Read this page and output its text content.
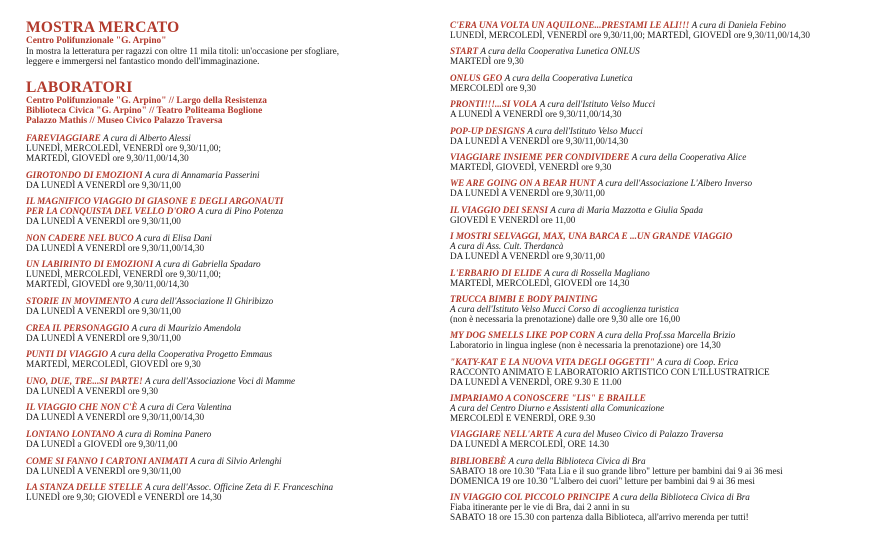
MOSTRA MERCATO
Centro Polifunzionale "G. Arpino"
In mostra la letteratura per ragazzi con oltre 11 mila titoli: un'occasione per sfogliare,
leggere e immergersi nel fantastico mondo dell'immaginazione.
LABORATORI
Centro Polifunzionale "G. Arpino" // Largo della Resistenza
Biblioteca Civica "G. Arpino" // Teatro Politeama Boglione
Palazzo Mathis // Museo Civico Palazzo Traversa
FAREVIAGGIARE A cura di Alberto Alessi
LUNEDÌ, MERCOLEDÌ, VENERDÌ ore 9,30/11,00;
MARTEDÌ, GIOVEDÌ ore 9,30/11,00/14,30
GIROTONDO DI EMOZIONI A cura di Annamaria Passerini
DA LUNEDÌ A VENERDÌ ore 9,30/11,00
IL MAGNIFICO VIAGGIO DI GIASONE E DEGLI ARGONAUTI
PER LA CONQUISTA DEL VELLO D'ORO A cura di Pino Potenza
DA LUNEDÌ A VENERDÌ ore 9,30/11,00
NON CADERE NEL BUCO A cura di Elisa Dani
DA LUNEDÌ A VENERDÌ ore 9,30/11,00/14,30
UN LABIRINTO DI EMOZIONI A cura di Gabriella Spadaro
LUNEDÌ, MERCOLEDÌ, VENERDÌ ore 9,30/11,00;
MARTEDÌ, GIOVEDÌ ore 9,30/11,00/14,30
STORIE IN MOVIMENTO A cura dell'Associazione Il Ghiribizzo
DA LUNEDÌ A VENERDÌ ore 9,30/11,00
CREA IL PERSONAGGIO A cura di Maurizio Amendola
DA LUNEDÌ A VENERDÌ ore 9,30/11,00
PUNTI DI VIAGGIO A cura della Cooperativa Progetto Emmaus
MARTEDÌ, MERCOLEDÌ, GIOVEDÌ ore 9,30
UNO, DUE, TRE...SI PARTE! A cura dell'Associazione Voci di Mamme
DA LUNEDÌ A VENERDÌ ore 9,30
IL VIAGGIO CHE NON C'È A cura di Cera Valentina
DA LUNEDÌ A VENERDÌ ore 9,30/11,00/14,30
LONTANO LONTANO A cura di Romina Panero
DA LUNEDÌ a GIOVEDÌ ore 9,30/11,00
COME SI FANNO I CARTONI ANIMATI A cura di Silvio Arlenghi
DA LUNEDÌ A VENERDÌ ore 9,30/11,00
LA STANZA DELLE STELLE A cura dell'Assoc. Officine Zeta di F. Franceschina
LUNEDÌ ore 9,30; GIOVEDÌ e VENERDÌ ore 14,30
C'ERA UNA VOLTA UN AQUILONE...PRESTAMI LE ALI!!! A cura di Daniela Febino
LUNEDÌ, MERCOLEDÌ, VENERDÌ ore 9,30/11,00; MARTEDÌ, GIOVEDÌ ore 9,30/11,00/14,30
START A cura della Cooperativa Lunetica ONLUS
MARTEDÌ ore 9,30
ONLUS GEO A cura della Cooperativa Lunetica
MERCOLEDÌ ore 9,30
PRONTI!!!...SI VOLA A cura dell'Istituto Velso Mucci
A LUNEDÌ A VENERDÌ ore 9,30/11,00/14,30
POP-UP DESIGNS A cura dell'Istituto Velso Mucci
DA LUNEDÌ A VENERDÌ ore 9,30/11,00/14,30
VIAGGIARE INSIEME PER CONDIVIDERE A cura della Cooperativa Alice
MARTEDÌ, GIOVEDÌ, VENERDÌ ore 9,30
WE ARE GOING ON A BEAR HUNT A cura dell'Associazione L'Albero Inverso
DA LUNEDÌ A VENERDÌ ore 9,30/11,00
IL VIAGGIO DEI SENSI A cura di Maria Mazzotta e Giulia Spada
GIOVEDÌ E VENERDÌ ore 11,00
I MOSTRI SELVAGGI, MAX, UNA BARCA E ...UN GRANDE VIAGGIO
A cura di Ass. Cult. Therdancà
DA LUNEDÌ A VENERDÌ ore 9,30/11,00
L'ERBARIO DI ELIDE A cura di Rossella Magliano
MARTEDÌ, MERCOLEDÌ, GIOVEDÌ ore 14,30
TRUCCA BIMBI E BODY PAINTING
A cura dell'Istituto Velso Mucci Corso di accoglienza turistica
(non è necessaria la prenotazione) dalle ore 9,30 alle ore 16,00
MY DOG SMELLS LIKE POP CORN A cura della Prof.ssa Marcella Brizio
Laboratorio in lingua inglese (non è necessaria la prenotazione) ore 14,30
"KATY-KAT E LA NUOVA VITA DEGLI OGGETTI" A cura di Coop. Erica
RACCONTO ANIMATO E LABORATORIO ARTISTICO CON L'ILLUSTRATRICE
DA LUNEDÌ A VENERDÌ, ORE 9.30 E 11.00
IMPARIAMO A CONOSCERE "LIS" E BRAILLE
A cura del Centro Diurno e Assistenti alla Comunicazione
MERCOLEDÌ E VENERDÌ, ORE 9.30
VIAGGIARE NELL'ARTE A cura del Museo Civico di Palazzo Traversa
DA LUNEDÌ A MERCOLEDÌ, ORE 14.30
BIBLIOBEBÈ A cura della Biblioteca Civica di Bra
SABATO 18 ore 10.30 "Fata Lia e il suo grande libro" letture per bambini dai 9 ai 36 mesi
DOMENICA 19 ore 10.30 "L'albero dei cuori" letture per bambini dai 9 ai 36 mesi
IN VIAGGIO COL PICCOLO PRINCIPE A cura della Biblioteca Civica di Bra
Fiaba itinerante per le vie di Bra, dai 2 anni in su
SABATO 18 ore 15.30 con partenza dalla Biblioteca, all'arrivo merenda per tutti!
